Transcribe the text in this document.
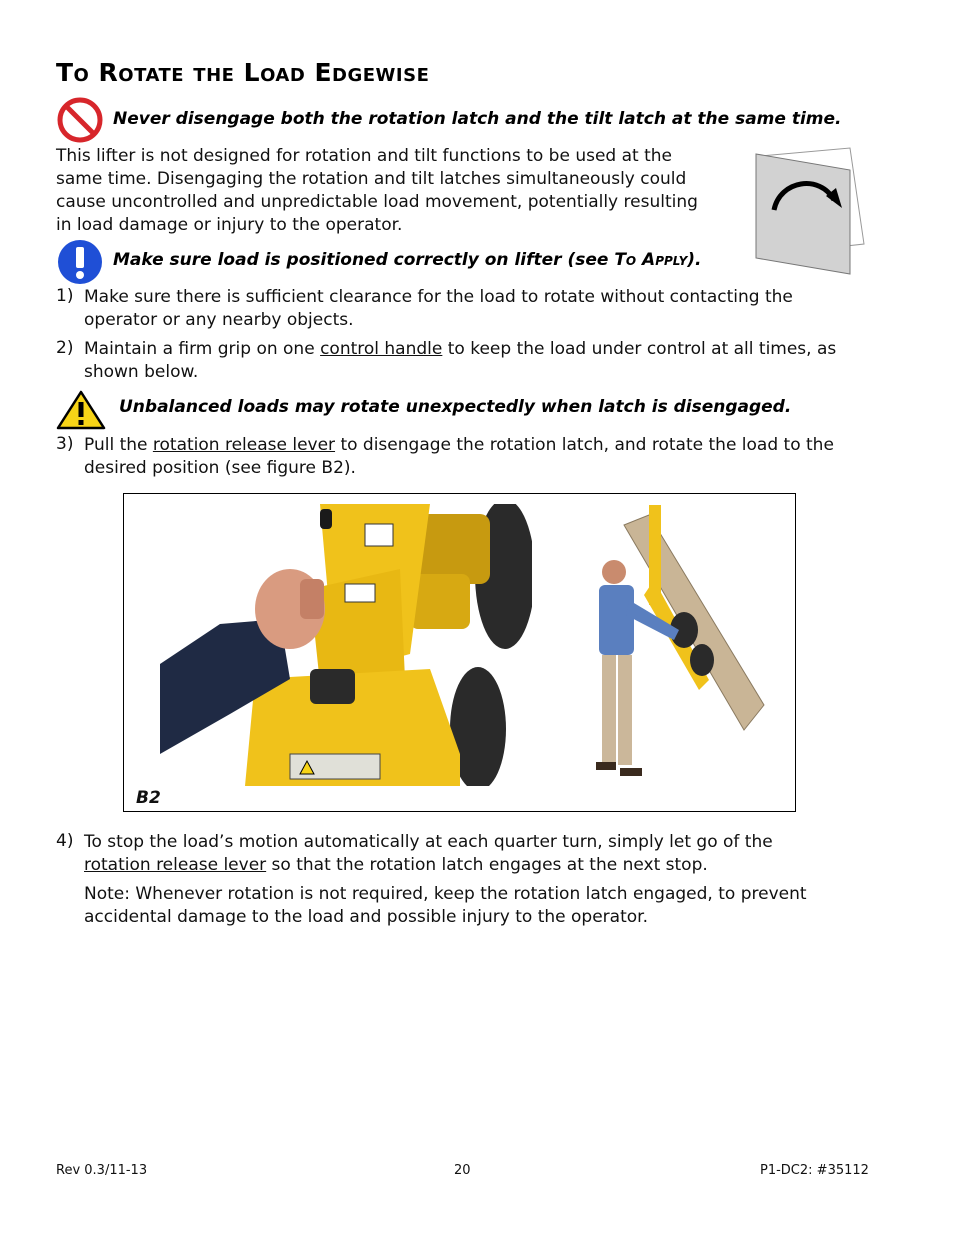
To Rotate the Load Edgewise
Never disengage both the rotation latch and the tilt latch at the same time.

This lifter is not designed for rotation and tilt functions to be used at the same time. Disengaging the rotation and tilt latches simultaneously could cause uncontrolled and unpredictable load movement, potentially resulting in load damage or injury to the operator.

Make sure load is positioned correctly on lifter (see To Apply).
1) Make sure there is sufficient clearance for the load to rotate without contacting the operator or any nearby objects.
2) Maintain a firm grip on one control handle to keep the load under control at all times, as shown below.
Unbalanced loads may rotate unexpectedly when latch is disengaged.
3) Pull the rotation release lever to disengage the rotation latch, and rotate the load to the desired position (see figure B2).
B2
4) To stop the load’s motion automatically at each quarter turn, simply let go of the rotation release lever so that the rotation latch engages at the next stop.
Note: Whenever rotation is not required, keep the rotation latch engaged, to prevent accidental damage to the load and possible injury to the operator.
Rev 0.3/11-13	20	P1-DC2: #35112
